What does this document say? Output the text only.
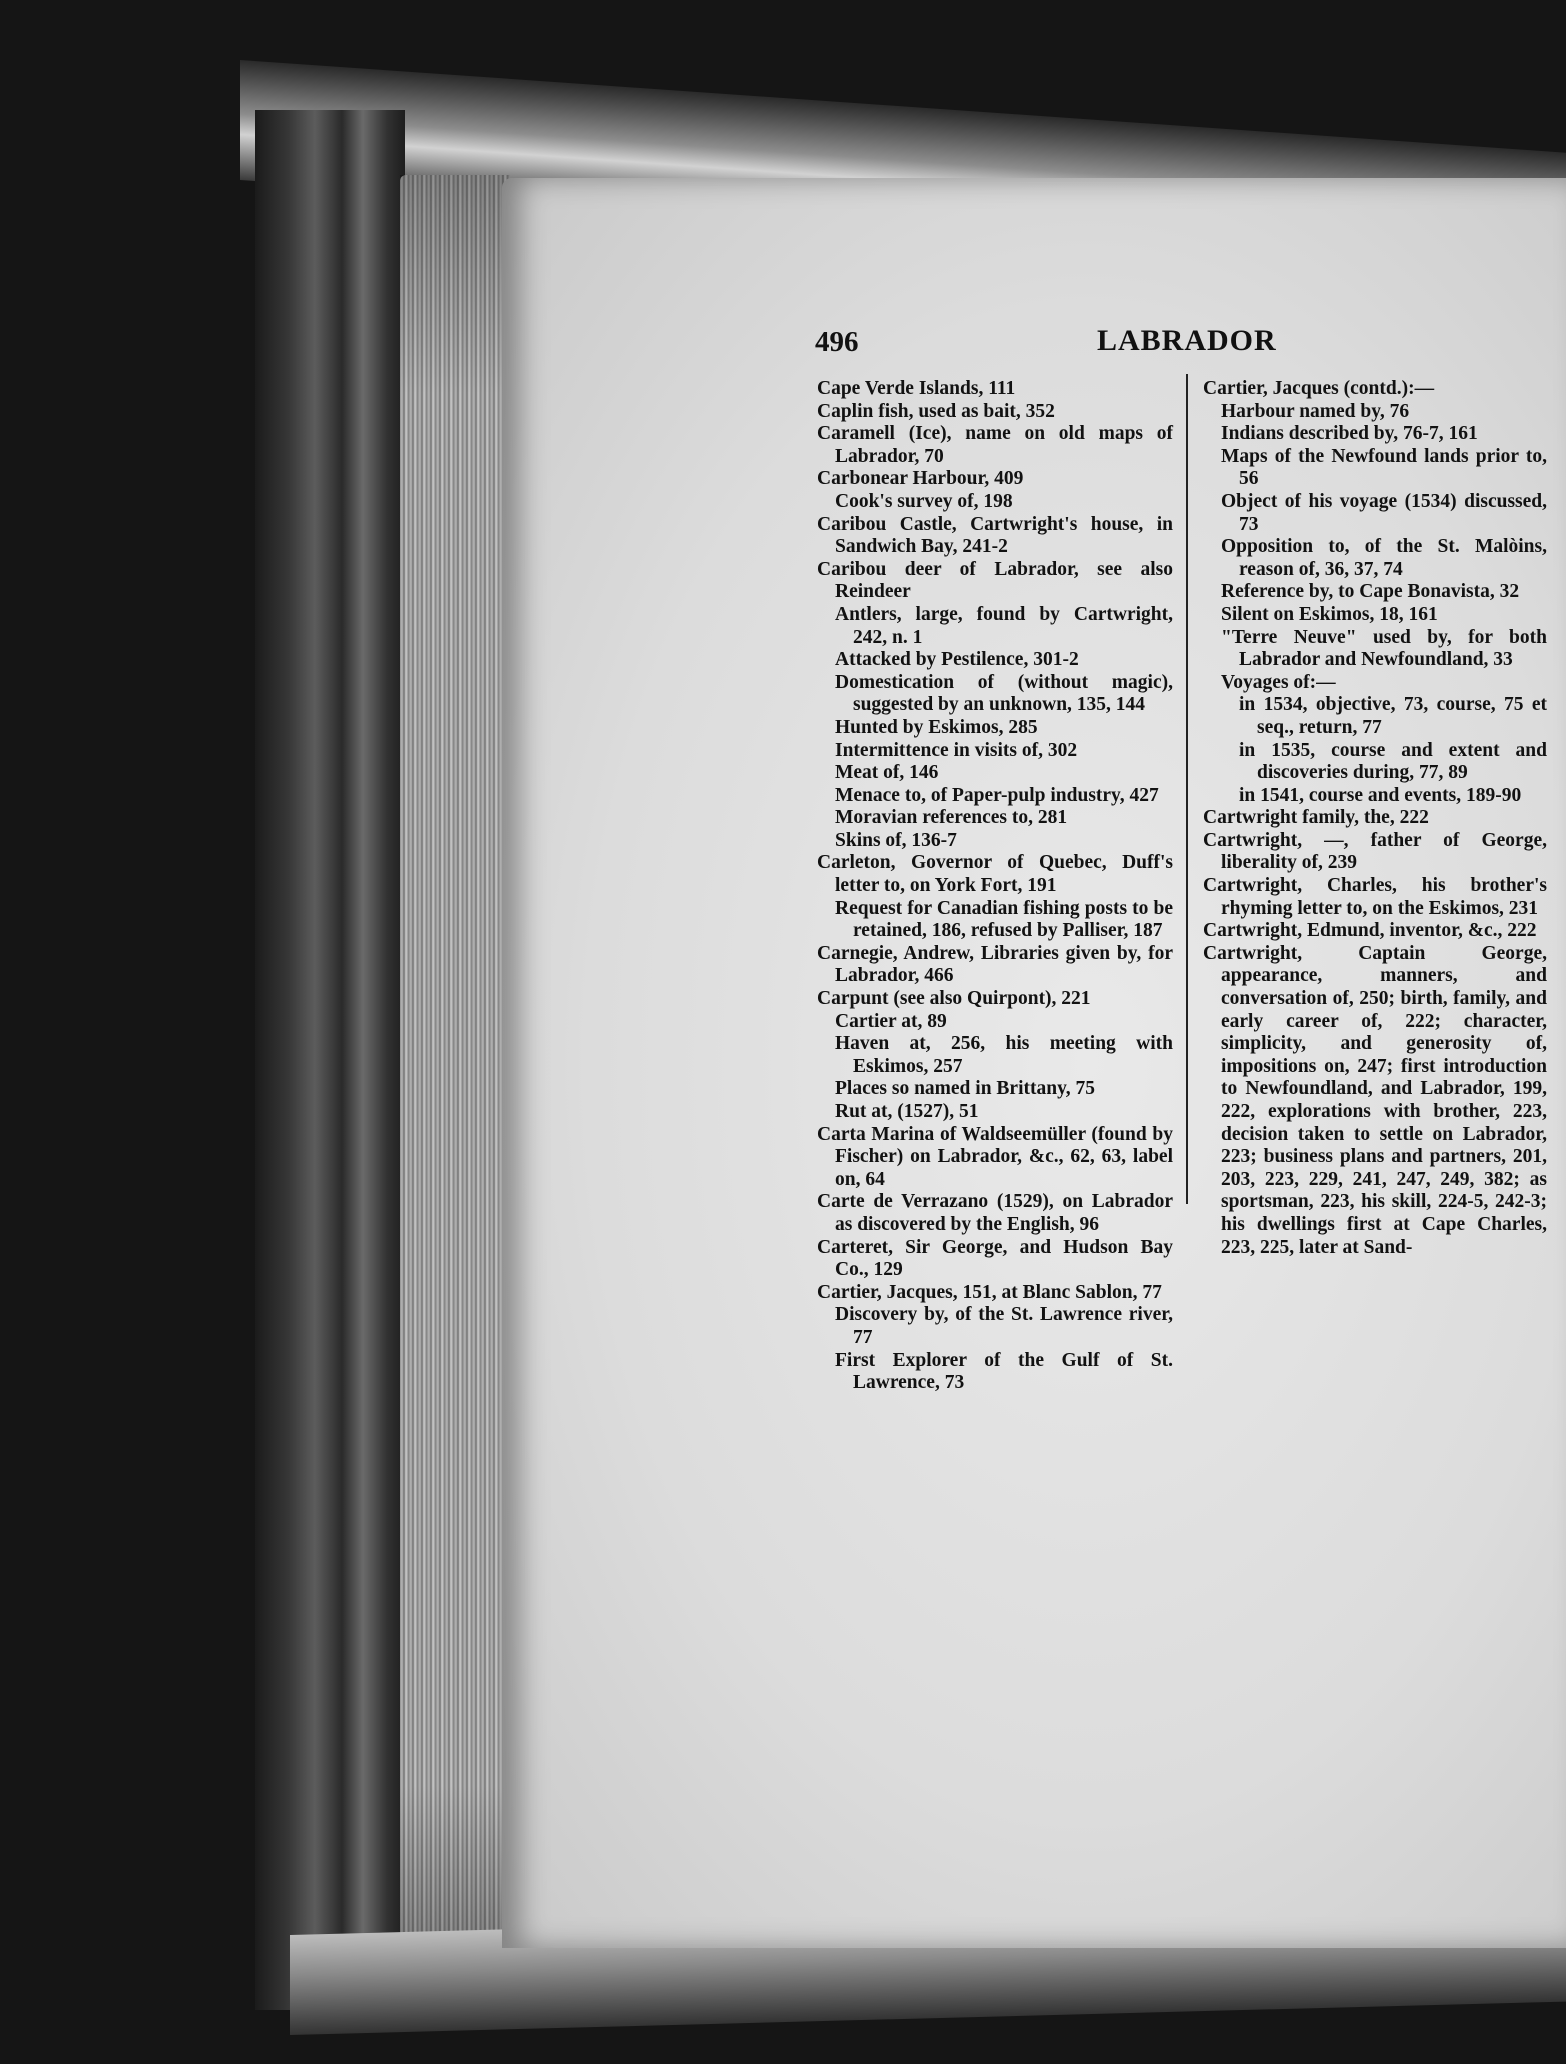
496	LABRADOR
Cape Verde Islands, 111
Caplin fish, used as bait, 352
Caramell (Ice), name on old maps of Labrador, 70
Carbonear Harbour, 409
Cook's survey of, 198
Caribou Castle, Cartwright's house, in Sandwich Bay, 241-2
Caribou deer of Labrador, see also Reindeer
Antlers, large, found by Cartwright, 242, n. 1
Attacked by Pestilence, 301-2
Domestication of (without magic), suggested by an unknown, 135, 144
Hunted by Eskimos, 285
Intermittence in visits of, 302
Meat of, 146
Menace to, of Paper-pulp industry, 427
Moravian references to, 281
Skins of, 136-7
Carleton, Governor of Quebec, Duff's letter to, on York Fort, 191
Request for Canadian fishing posts to be retained, 186, refused by Palliser, 187
Carnegie, Andrew, Libraries given by, for Labrador, 466
Carpunt (see also Quirpont), 221
Cartier at, 89
Haven at, 256, his meeting with Eskimos, 257
Places so named in Brittany, 75
Rut at, (1527), 51
Carta Marina of Waldseemüller (found by Fischer) on Labrador, &c., 62, 63, label on, 64
Carte de Verrazano (1529), on Labrador as discovered by the English, 96
Carteret, Sir George, and Hudson Bay Co., 129
Cartier, Jacques, 151, at Blanc Sablon, 77
Discovery by, of the St. Lawrence river, 77
First Explorer of the Gulf of St. Lawrence, 73
Cartier, Jacques (contd.):—
Harbour named by, 76
Indians described by, 76-7, 161
Maps of the Newfound lands prior to, 56
Object of his voyage (1534) discussed, 73
Opposition to, of the St. Malòins, reason of, 36, 37, 74
Reference by, to Cape Bonavista, 32
Silent on Eskimos, 18, 161
"Terre Neuve" used by, for both Labrador and Newfoundland, 33
Voyages of:—
in 1534, objective, 73, course, 75 et seq., return, 77
in 1535, course and extent and discoveries during, 77, 89
in 1541, course and events, 189-90
Cartwright family, the, 222
Cartwright, —, father of George, liberality of, 239
Cartwright, Charles, his brother's rhyming letter to, on the Eskimos, 231
Cartwright, Edmund, inventor, &c., 222
Cartwright, Captain George, appearance, manners, and conversation of, 250; birth, family, and early career of, 222; character, simplicity, and generosity of, impositions on, 247; first introduction to Newfoundland, and Labrador, 199, 222, explorations with brother, 223, decision taken to settle on Labrador, 223; business plans and partners, 201, 203, 223, 229, 241, 247, 249, 382; as sportsman, 223, his skill, 224-5, 242-3; his dwellings first at Cape Charles, 223, 225, later at Sand-
